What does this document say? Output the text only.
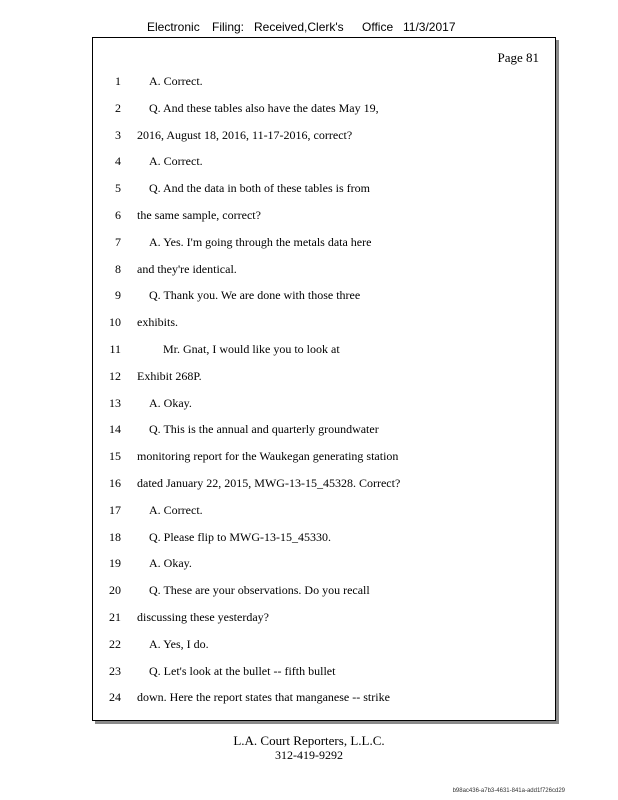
Electronic Filing: Received,Clerk's Office 11/3/2017
Page 81
1 A. Correct.
2 Q. And these tables also have the dates May 19,
3 2016, August 18, 2016, 11-17-2016, correct?
4 A. Correct.
5 Q. And the data in both of these tables is from
6 the same sample, correct?
7 A. Yes. I'm going through the metals data here
8 and they're identical.
9 Q. Thank you. We are done with those three
10 exhibits.
11	Mr. Gnat, I would like you to look at
12 Exhibit 268P.
13 A. Okay.
14 Q. This is the annual and quarterly groundwater
15 monitoring report for the Waukegan generating station
16 dated January 22, 2015, MWG-13-15_45328. Correct?
17 A. Correct.
18 Q. Please flip to MWG-13-15_45330.
19 A. Okay.
20 Q. These are your observations. Do you recall
21 discussing these yesterday?
22 A. Yes, I do.
23 Q. Let's look at the bullet -- fifth bullet
24 down. Here the report states that manganese -- strike
L.A. Court Reporters, L.L.C.
312-419-9292
b98ac436-a7b3-4631-841a-add1f726cd29
